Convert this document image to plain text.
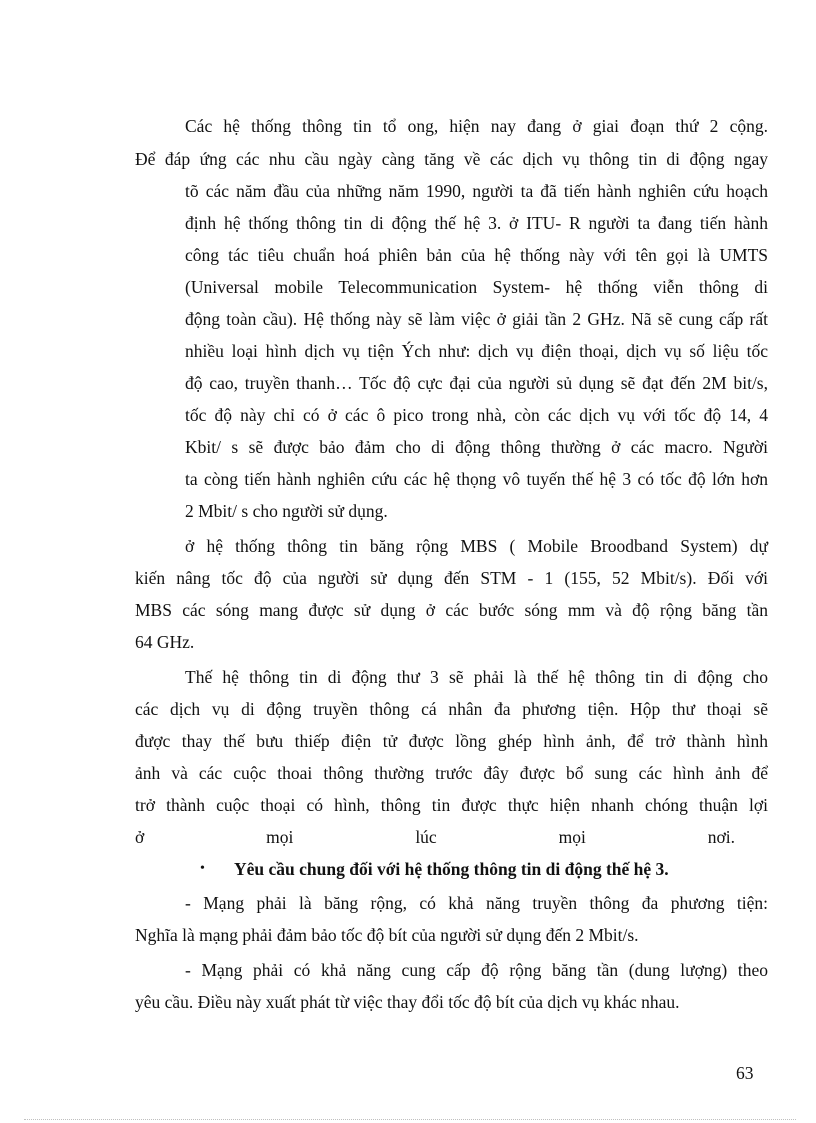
Các hệ thống thông tin tổ ong, hiện nay đang ở giai đoạn thứ 2 cộng.

Để đáp ứng các nhu cầu ngày càng tăng về các dịch vụ thông tin di động ngay

tõ các năm đầu của những năm 1990, người ta đã tiến hành nghiên cứu hoạch

định hệ thống thông tin di động thế hệ 3. ở ITU- R người ta đang tiến hành

công tác tiêu chuẩn hoá phiên bản của hệ thống này với tên gọi là UMTS

(Universal mobile Telecommunication System- hệ thống viễn thông di

động toàn cầu). Hệ thống này sẽ làm việc ở giải tần 2 GHz. Nã sẽ cung cấp rất

nhiều loại hình dịch vụ tiện Ých như: dịch vụ điện thoại, dịch vụ số liệu tốc

độ cao, truyền thanh… Tốc độ cực đại của người sủ dụng sẽ đạt đến 2M bit/s,

tốc độ này chỉ có ở các ô pico trong nhà, còn các dịch vụ với tốc độ 14, 4

Kbit/ s sẽ được bảo đảm cho di động thông thường ở các macro. Người

ta còng tiến hành nghiên cứu các hệ thọng vô tuyến thế hệ 3 có tốc độ lớn hơn

2 Mbit/ s cho người sử dụng.

ở hệ thống thông tin băng rộng MBS ( Mobile Broodband System) dự

kiến nâng tốc độ của người sử dụng đến STM - 1 (155, 52 Mbit/s). Đối với

MBS các sóng mang được sử dụng ở các bước sóng mm và độ rộng băng tần

64 GHz.

Thế hệ thông tin di động thư 3 sẽ phải là thế hệ thông tin di động cho

các dịch vụ di động truyền thông cá nhân đa phương tiện. Hộp thư thoại sẽ

được thay thế bưu thiếp điện tử được lồng ghép hình ảnh, để trở thành hình

ảnh và các cuộc thoai thông thường trước đây được bổ sung các hình ảnh để

trở thành cuộc thoại có hình, thông tin được thực hiện nhanh chóng thuận lợi

ở mọi lúc mọi nơi.

• Yêu cầu chung đối với hệ thống thông tin di động thế hệ 3.

- Mạng phải là băng rộng, có khả năng truyền thông đa phương tiện:

Nghĩa là mạng phải đảm bảo tốc độ bít của người sử dụng đến 2 Mbit/s.

- Mạng phải có khả năng cung cấp độ rộng băng tần (dung lượng) theo

yêu cầu. Điều này xuất phát từ việc thay đổi tốc độ bít của dịch vụ khác nhau.

63
